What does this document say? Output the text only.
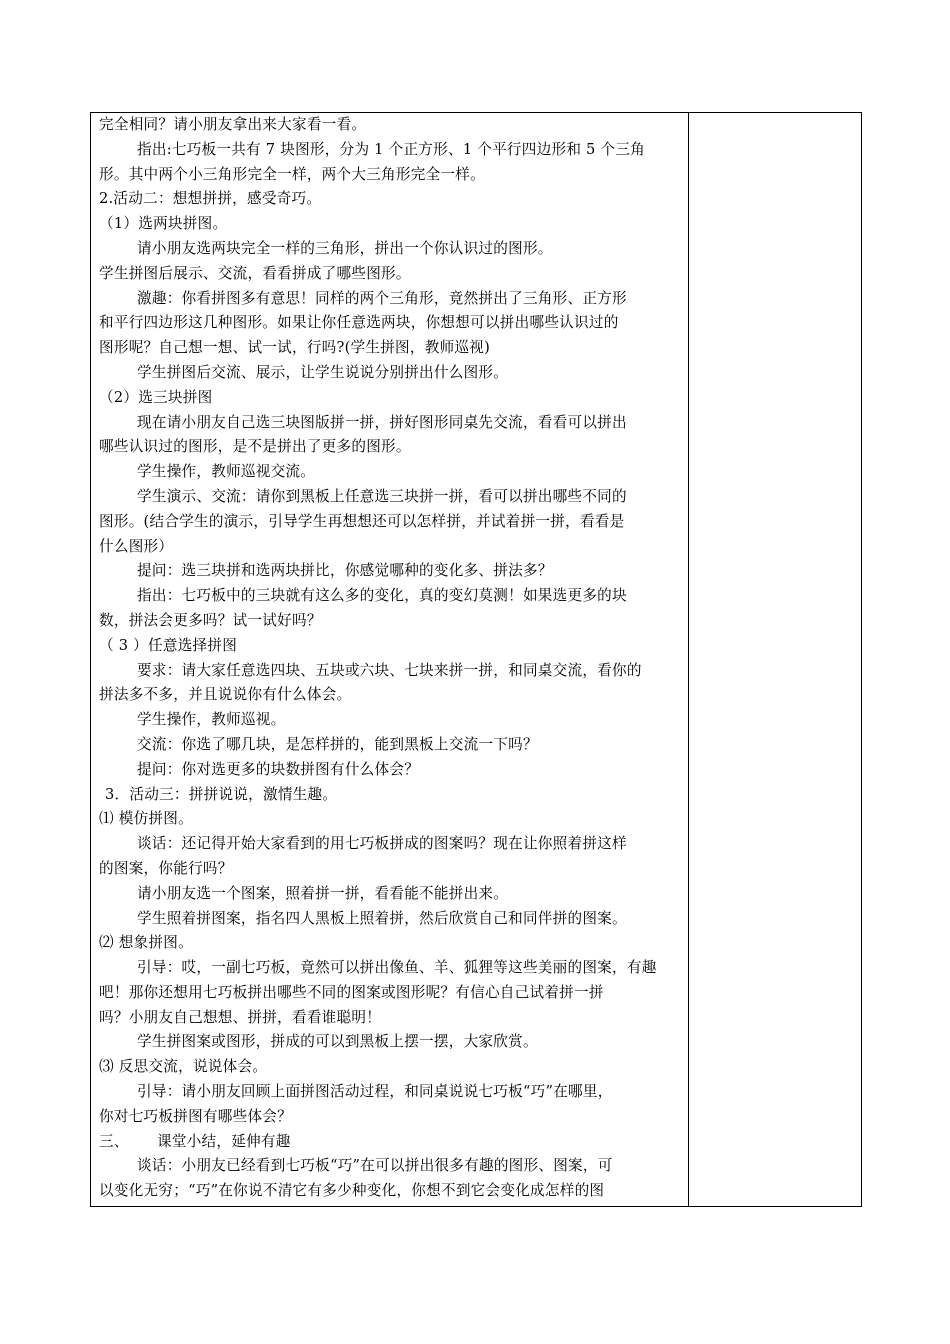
完全相同？请小朋友拿出来大家看一看。
指出:七巧板一共有 7 块图形，分为 1 个正方形、1 个平行四边形和 5 个三角
形。其中两个小三角形完全一样，两个大三角形完全一样。
2.活动二：想想拼拼，感受奇巧。
（1）选两块拼图。
请小朋友选两块完全一样的三角形，拼出一个你认识过的图形。
学生拼图后展示、交流，看看拼成了哪些图形。
激趣：你看拼图多有意思！同样的两个三角形，竟然拼出了三角形、正方形
和平行四边形这几种图形。如果让你任意选两块，你想想可以拼出哪些认识过的
图形呢？自己想一想、试一试，行吗?(学生拼图，教师巡视)
学生拼图后交流、展示，让学生说说分别拼出什么图形。
（2）选三块拼图
现在请小朋友自己选三块图版拼一拼，拼好图形同桌先交流，看看可以拼出
哪些认识过的图形，是不是拼出了更多的图形。
学生操作，教师巡视交流。
学生演示、交流：请你到黑板上任意选三块拼一拼，看可以拼出哪些不同的
图形。(结合学生的演示，引导学生再想想还可以怎样拼，并试着拼一拼，看看是
什么图形）
提问：选三块拼和选两块拼比，你感觉哪种的变化多、拼法多？
指出：七巧板中的三块就有这么多的变化，真的变幻莫测！如果选更多的块
数，拼法会更多吗？试一试好吗？
（ 3 ）任意选择拼图
要求：请大家任意选四块、五块或六块、七块来拼一拼，和同桌交流，看你的
拼法多不多，并且说说你有什么体会。
学生操作，教师巡视。
交流：你选了哪几块，是怎样拼的，能到黑板上交流一下吗？
提问：你对选更多的块数拼图有什么体会？
3．活动三：拼拼说说，激情生趣。
⑴ 模仿拼图。
谈话：还记得开始大家看到的用七巧板拼成的图案吗？现在让你照着拼这样
的图案，你能行吗？
请小朋友选一个图案，照着拼一拼，看看能不能拼出来。
学生照着拼图案，指名四人黑板上照着拼，然后欣赏自己和同伴拼的图案。
⑵ 想象拼图。
引导：哎，一副七巧板，竟然可以拼出像鱼、羊、狐狸等这些美丽的图案，有趣
吧！那你还想用七巧板拼出哪些不同的图案或图形呢？有信心自己试着拼一拼
吗？小朋友自己想想、拼拼，看看谁聪明！
学生拼图案或图形，拼成的可以到黑板上摆一摆，大家欣赏。
⑶ 反思交流，说说体会。
引导：请小朋友回顾上面拼图活动过程，和同桌说说七巧板“巧”在哪里，
你对七巧板拼图有哪些体会？
三、 课堂小结，延伸有趣
谈话：小朋友已经看到七巧板“巧”在可以拼出很多有趣的图形、图案，可
以变化无穷；“巧”在你说不清它有多少种变化，你想不到它会变化成怎样的图
